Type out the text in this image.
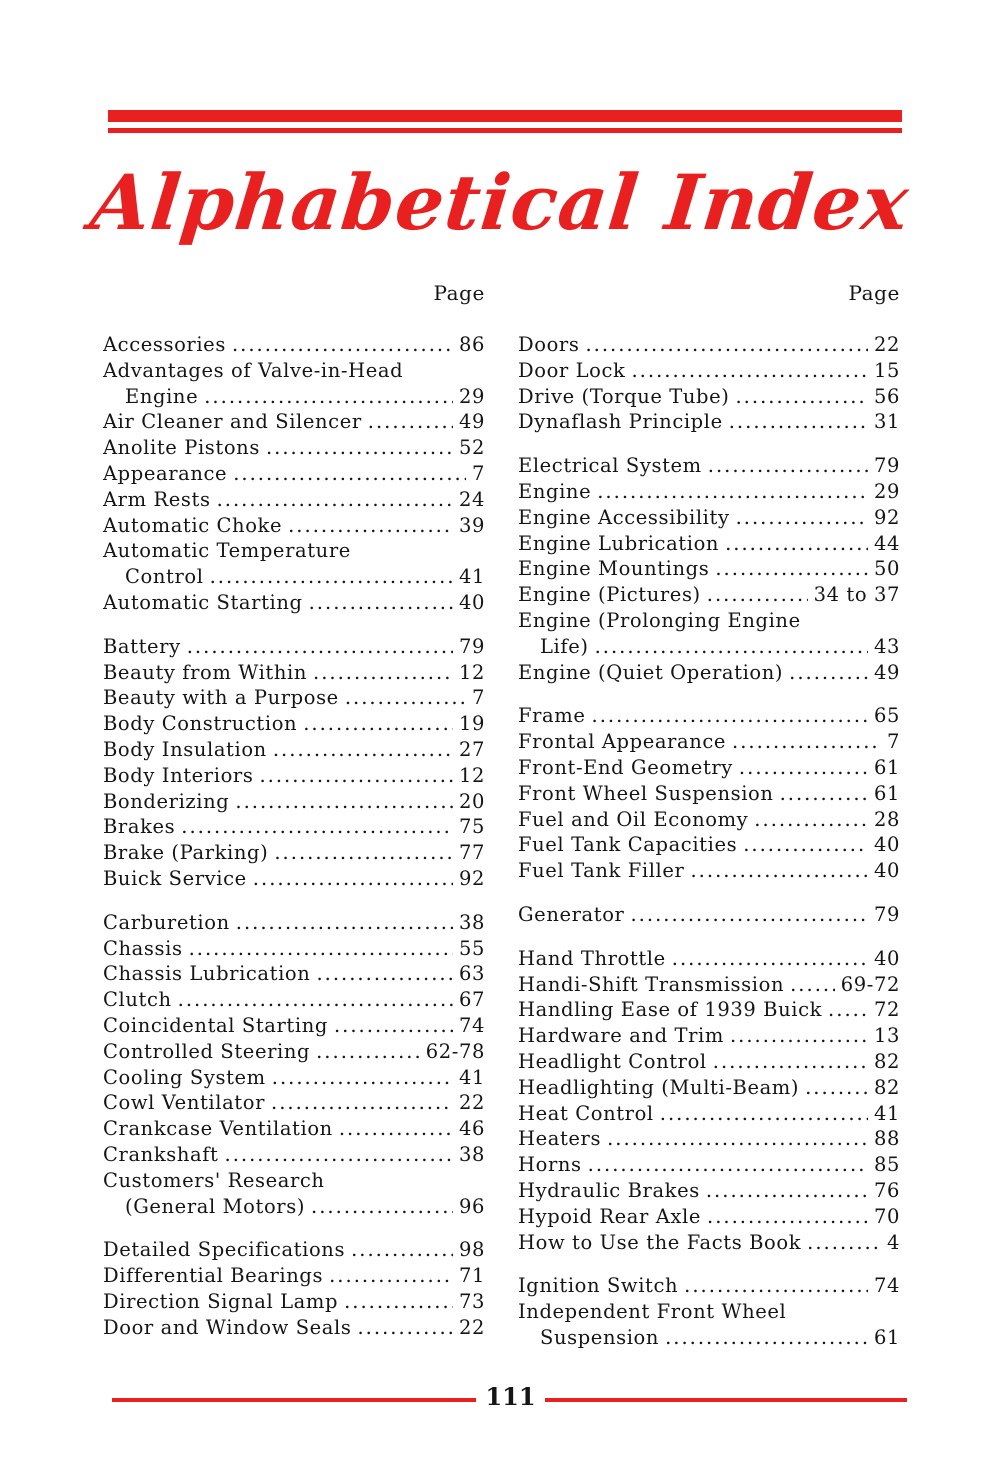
Alphabetical Index
Page
Accessories .....	86
Advantages of Valve-in-Head
Engine .....	29
Air Cleaner and Silencer .....	49
Anolite Pistons .....	52
Appearance .....	7
Arm Rests .....	24
Automatic Choke .....	39
Automatic Temperature
Control .....	41
Automatic Starting .....	40
Battery .....	79
Beauty from Within .....	12
Beauty with a Purpose .....	7
Body Construction .....	19
Body Insulation .....	27
Body Interiors .....	12
Bonderizing .....	20
Brakes .....	75
Brake (Parking) .....	77
Buick Service .....	92
Carburetion .....	38
Chassis .....	55
Chassis Lubrication .....	63
Clutch .....	67
Coincidental Starting .....	74
Controlled Steering .....	62-78
Cooling System .....	41
Cowl Ventilator .....	22
Crankcase Ventilation .....	46
Crankshaft .....	38
Customers' Research
(General Motors) .....	96
Detailed Specifications .....	98
Differential Bearings .....	71
Direction Signal Lamp .....	73
Door and Window Seals .....	22
Page
Doors .....	22
Door Lock .....	15
Drive (Torque Tube) .....	56
Dynaflash Principle .....	31
Electrical System .....	79
Engine .....	29
Engine Accessibility .....	92
Engine Lubrication .....	44
Engine Mountings .....	50
Engine (Pictures) .....	34 to 37
Engine (Prolonging Engine
Life) .....	43
Engine (Quiet Operation) .....	49
Frame .....	65
Frontal Appearance .....	7
Front-End Geometry .....	61
Front Wheel Suspension .....	61
Fuel and Oil Economy .....	28
Fuel Tank Capacities .....	40
Fuel Tank Filler .....	40
Generator .....	79
Hand Throttle .....	40
Handi-Shift Transmission .....	69-72
Handling Ease of 1939 Buick .....	72
Hardware and Trim .....	13
Headlight Control .....	82
Headlighting (Multi-Beam) .....	82
Heat Control .....	41
Heaters .....	88
Horns .....	85
Hydraulic Brakes .....	76
Hypoid Rear Axle .....	70
How to Use the Facts Book .....	4
Ignition Switch .....	74
Independent Front Wheel
Suspension .....	61
111
